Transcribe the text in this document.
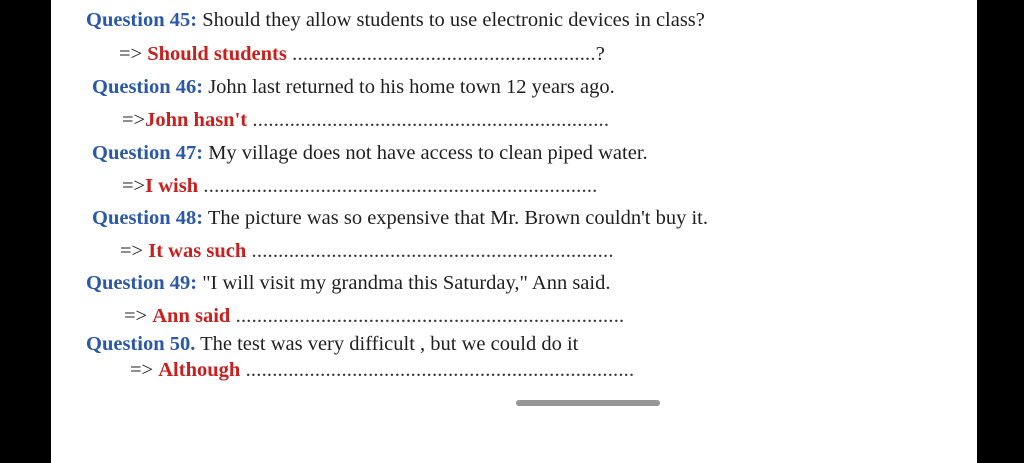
Question 45: Should they allow students to use electronic devices in class?
=> Should students .........................................................?
Question 46: John last returned to his home town 12 years ago.
=>John hasn't ...................................................................
Question 47: My village does not have access to clean piped water.
=>I wish ..........................................................................
Question 48: The picture was so expensive that Mr. Brown couldn't buy it.
=> It was such ....................................................................
Question 49: "I will visit my grandma this Saturday," Ann said.
=> Ann said .........................................................................
Question 50. The test was very difficult , but we could do it
=> Although .........................................................................
